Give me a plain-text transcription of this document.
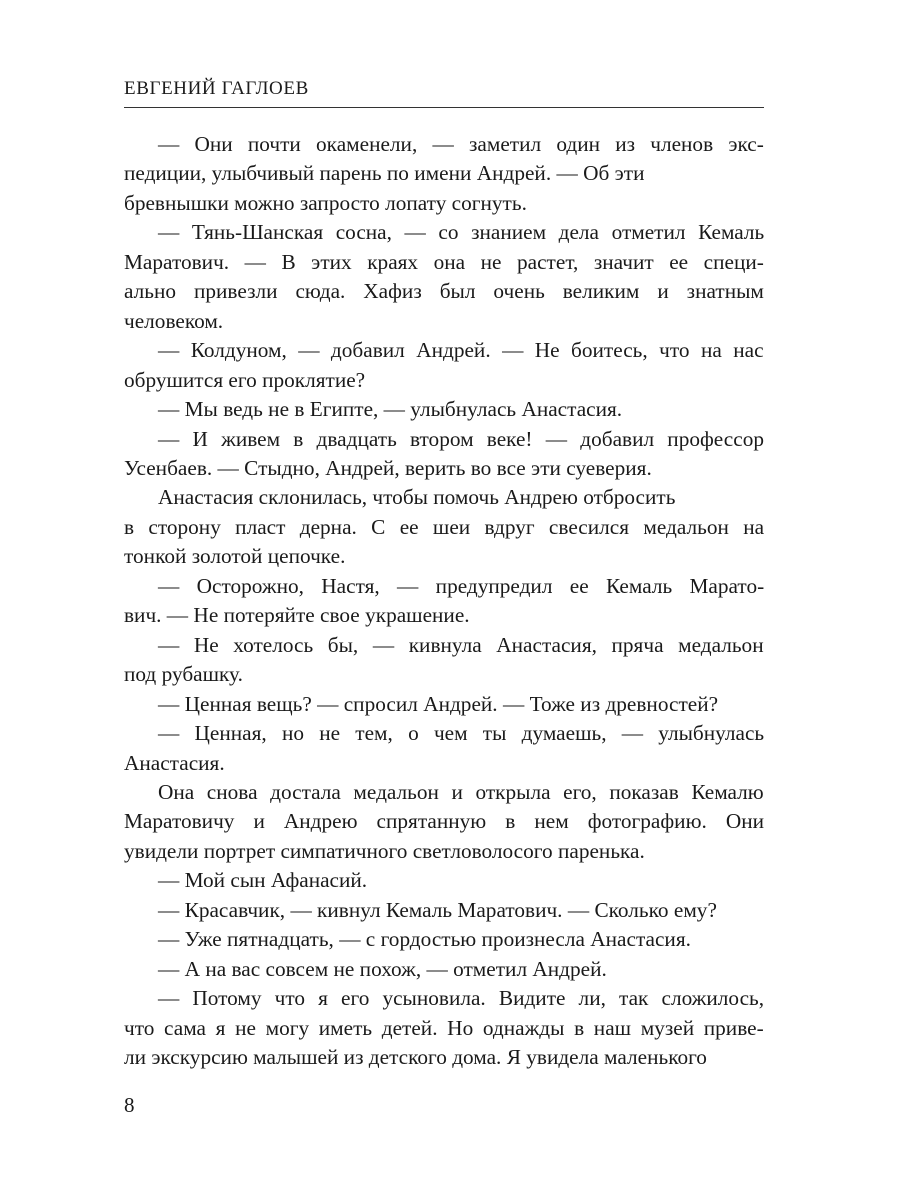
ЕВГЕНИЙ ГАГЛОЕВ

— Они почти окаменели, — заметил один из членов экс-
педиции, улыбчивый парень по имени Андрей. — Об эти
бревнышки можно запросто лопату согнуть.

— Тянь-Шанская сосна, — со знанием дела отметил Кемаль
Маратович. — В этих краях она не растет, значит ее специ-
ально привезли сюда. Хафиз был очень великим и знатным
человеком.

— Колдуном, — добавил Андрей. — Не боитесь, что на нас
обрушится его проклятие?

— Мы ведь не в Египте, — улыбнулась Анастасия.

— И живем в двадцать втором веке! — добавил профессор
Усенбаев. — Стыдно, Андрей, верить во все эти суеверия.

Анастасия склонилась, чтобы помочь Андрею отбросить
в сторону пласт дерна. С ее шеи вдруг свесился медальон на
тонкой золотой цепочке.

— Осторожно, Настя, — предупредил ее Кемаль Марато-
вич. — Не потеряйте свое украшение.

— Не хотелось бы, — кивнула Анастасия, пряча медальон
под рубашку.

— Ценная вещь? — спросил Андрей. — Тоже из древностей?

— Ценная, но не тем, о чем ты думаешь, — улыбнулась
Анастасия.

Она снова достала медальон и открыла его, показав Кемалю
Маратовичу и Андрею спрятанную в нем фотографию. Они
увидели портрет симпатичного светловолосого паренька.

— Мой сын Афанасий.

— Красавчик, — кивнул Кемаль Маратович. — Сколько ему?

— Уже пятнадцать, — с гордостью произнесла Анастасия.

— А на вас совсем не похож, — отметил Андрей.

— Потому что я его усыновила. Видите ли, так сложилось,
что сама я не могу иметь детей. Но однажды в наш музей приве-
ли экскурсию малышей из детского дома. Я увидела маленького

8
